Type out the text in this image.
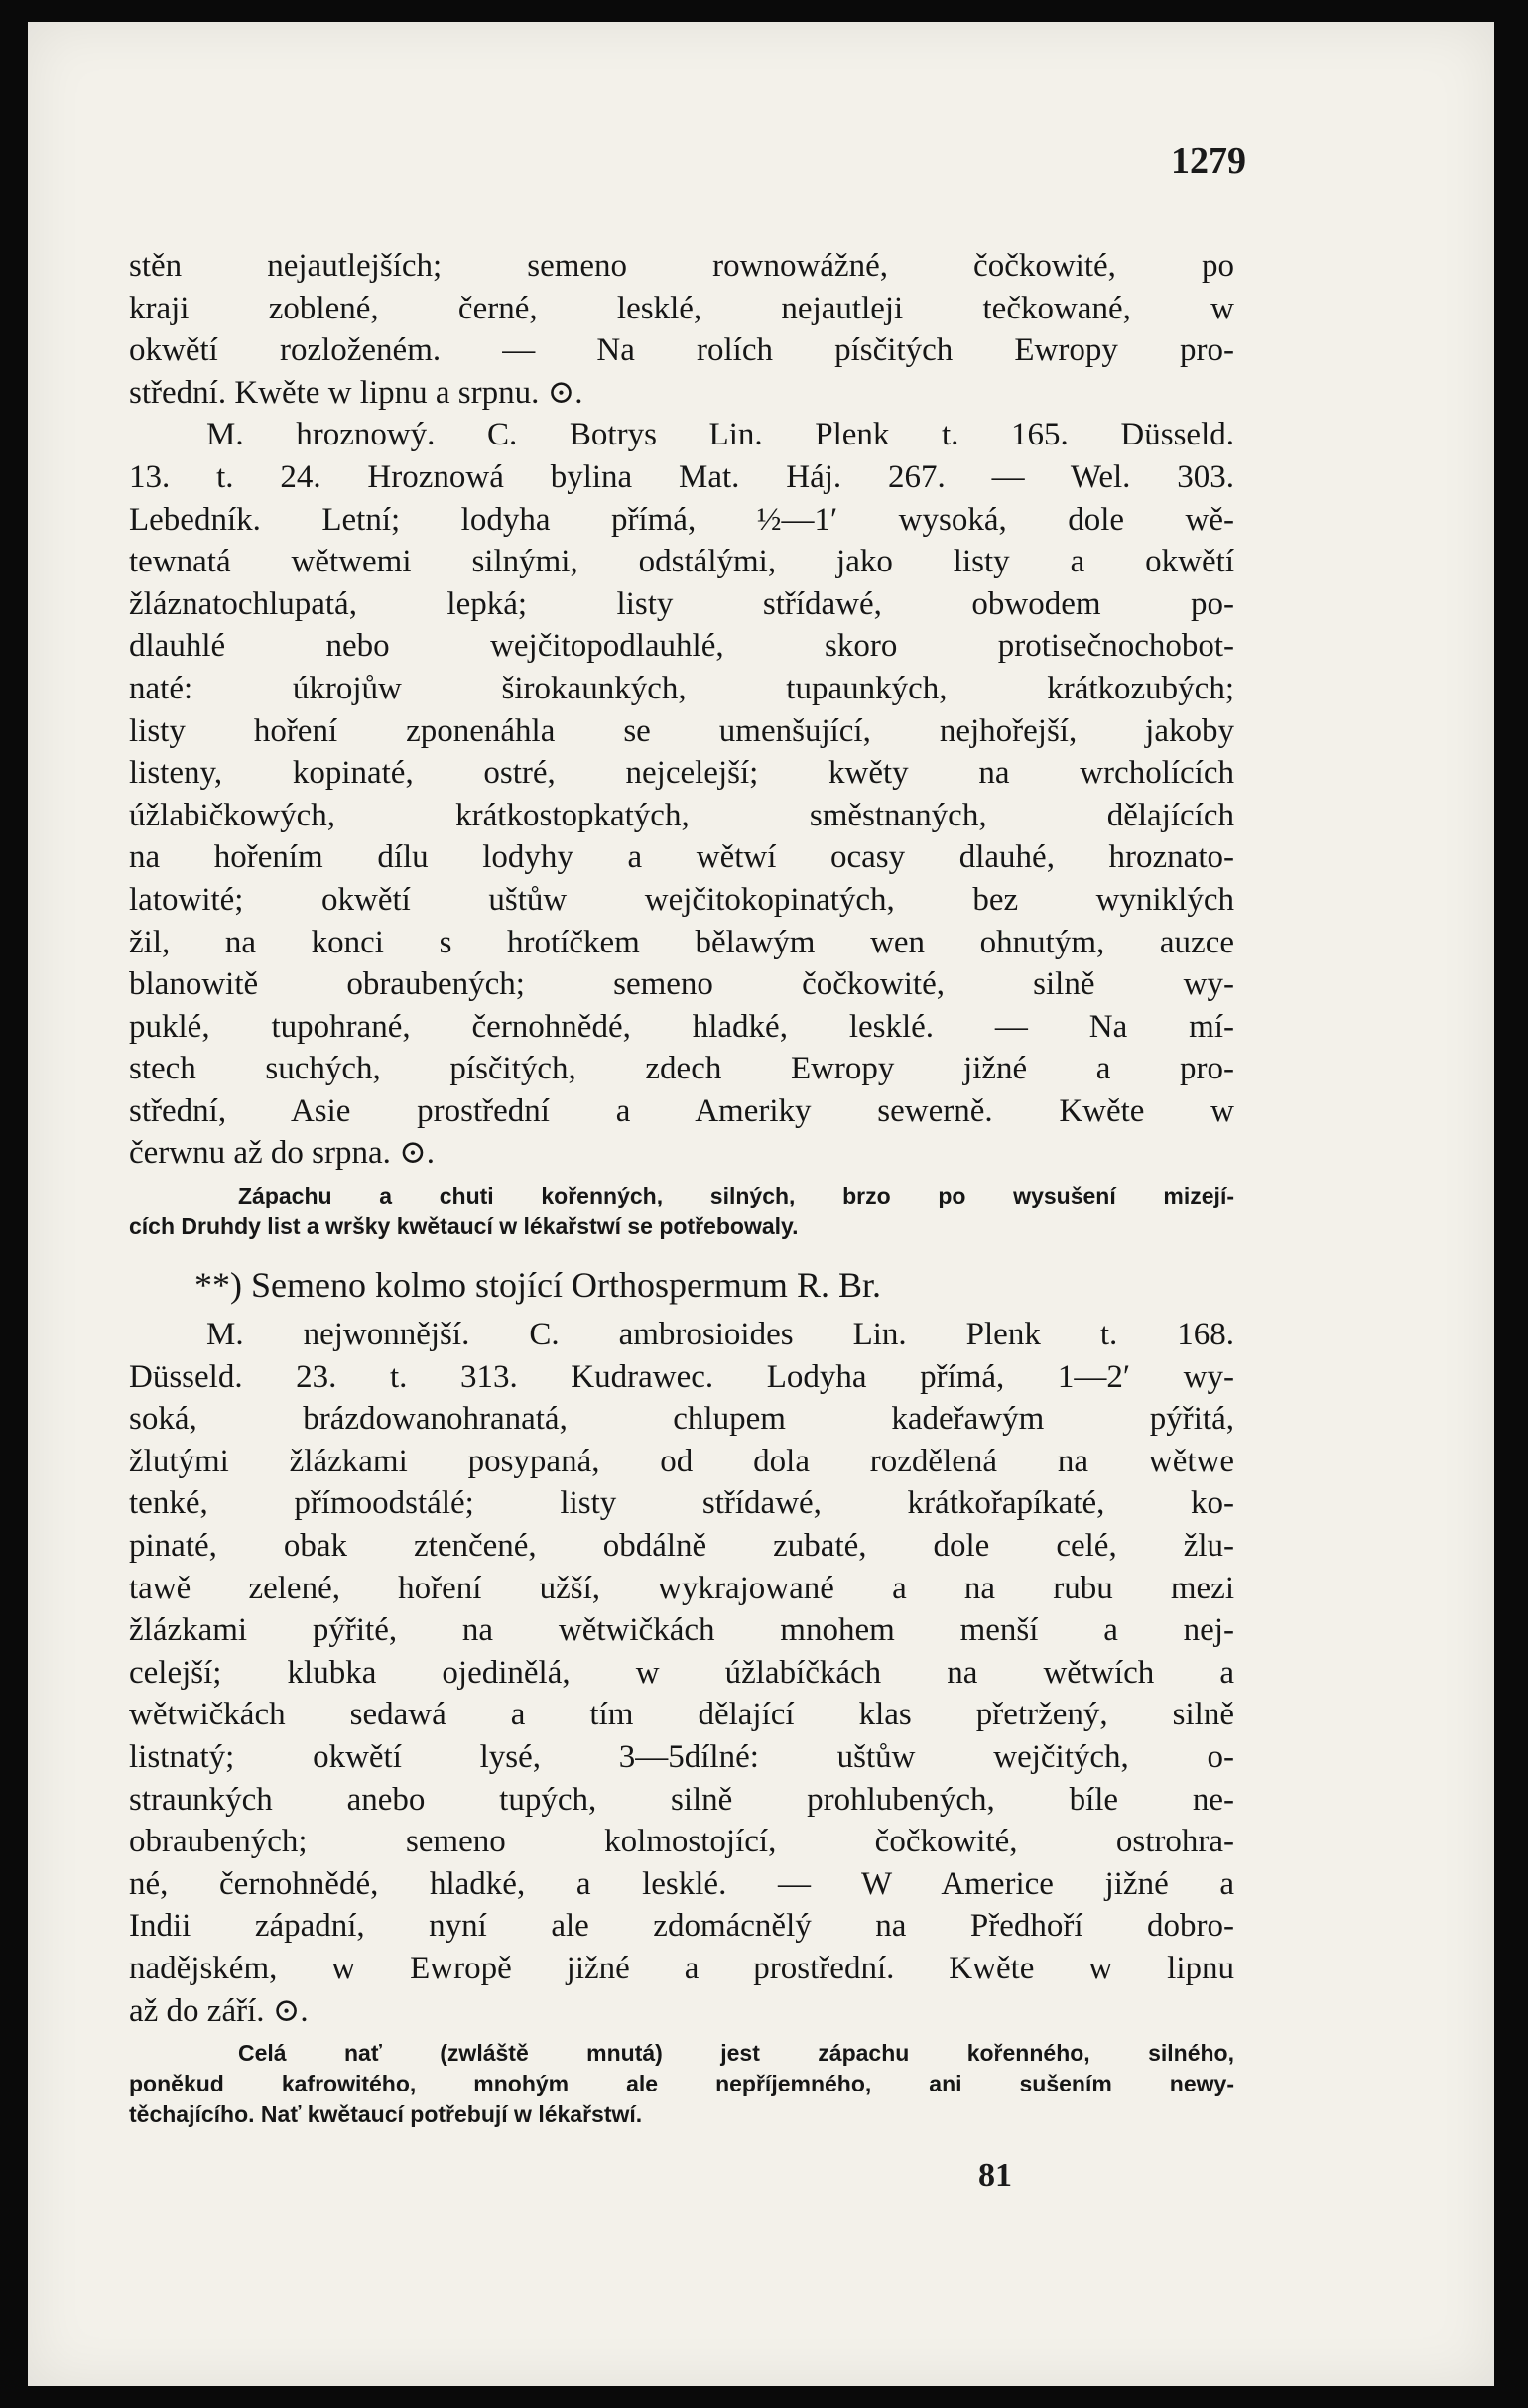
1279
stěn nejautlejších; semeno rownowážné, čočkowité, po
kraji zoblené, černé, lesklé, nejautleji tečkowané, w
okwětí rozloženém. — Na rolích písčitých Ewropy pro-
střední. Kwěte w lipnu a srpnu. ⊙.
M. hroznowý. C. Botrys Lin. Plenk t. 165. Düsseld.
13. t. 24. Hroznowá bylina Mat. Háj. 267. — Wel. 303.
Lebedník. Letní; lodyha přímá, ½—1′ wysoká, dole wě-
tewnatá wětwemi silnými, odstálými, jako listy a okwětí
žláznatochlupatá, lepká; listy střídawé, obwodem po-
dlauhlé nebo wejčitopodlauhlé, skoro protisečnochobot-
naté: úkrojůw širokaunkých, tupaunkých, krátkozubých;
listy hoření zponenáhla se umenšující, nejhořejší, jakoby
listeny, kopinaté, ostré, nejcelejší; kwěty na wrcholících
úžlabičkowých, krátkostopkatých, směstnaných, dělajících
na hořením dílu lodyhy a wětwí ocasy dlauhé, hroznato-
latowité; okwětí uštůw wejčitokopinatých, bez wyniklých
žil, na konci s hrotíčkem bělawým wen ohnutým, auzce
blanowitě obraubených; semeno čočkowité, silně wy-
puklé, tupohrané, černohnědé, hladké, lesklé. — Na mí-
stech suchých, písčitých, zdech Ewropy jižné a pro-
střední, Asie prostřední a Ameriky sewerně. Kwěte w
čerwnu až do srpna. ⊙.
Zápachu a chuti kořenných, silných, brzo po wysušení mizejí-
cích Druhdy list a wršky kwětaucí w lékařstwí se potřebowaly.
**) Semeno kolmo stojící Orthospermum R. Br.
M. nejwonnější. C. ambrosioides Lin. Plenk t. 168.
Düsseld. 23. t. 313. Kudrawec. Lodyha přímá, 1—2′ wy-
soká, brázdowanohranatá, chlupem kadeřawým pýřitá,
žlutými žlázkami posypaná, od dola rozdělená na wětwe
tenké, přímoodstálé; listy střídawé, krátkořapíkaté, ko-
pinaté, obak ztenčené, obdálně zubaté, dole celé, žlu-
tawě zelené, hoření užší, wykrajowané a na rubu mezi
žlázkami pýřité, na wětwičkách mnohem menší a nej-
celejší; klubka ojedinělá, w úžlabíčkách na wětwích a
wětwičkách sedawá a tím dělající klas přetržený, silně
listnatý; okwětí lysé, 3—5dílné: uštůw wejčitých, o-
straunkých anebo tupých, silně prohlubených, bíle ne-
obraubených; semeno kolmostojící, čočkowité, ostrohra-
né, černohnědé, hladké, a lesklé. — W Americe jižné a
Indii západní, nyní ale zdomácnělý na Předhoří dobro-
nadějském, w Ewropě jižné a prostřední. Kwěte w lipnu
až do září. ⊙.
Celá nať (zwláště mnutá) jest zápachu kořenného, silného,
poněkud kafrowitého, mnohým ale nepříjemného, ani sušením newy-
těchajícího. Nať kwětaucí potřebují w lékařstwí.
81
